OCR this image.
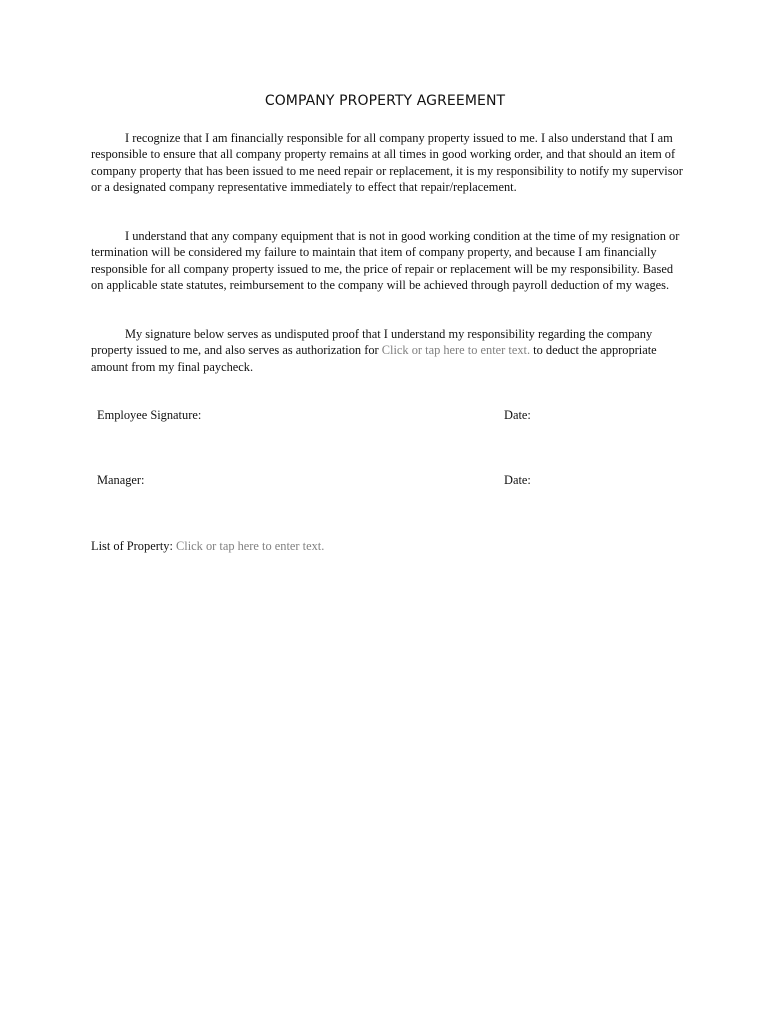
COMPANY PROPERTY AGREEMENT

I recognize that I am financially responsible for all company property issued to me. I also understand that I am responsible to ensure that all company property remains at all times in good working order, and that should an item of company property that has been issued to me need repair or replacement, it is my responsibility to notify my supervisor or a designated company representative immediately to effect that repair/replacement.

I understand that any company equipment that is not in good working condition at the time of my resignation or termination will be considered my failure to maintain that item of company property, and because I am financially responsible for all company property issued to me, the price of repair or replacement will be my responsibility. Based on applicable state statutes, reimbursement to the company will be achieved through payroll deduction of my wages.

My signature below serves as undisputed proof that I understand my responsibility regarding the company property issued to me, and also serves as authorization for Click or tap here to enter text. to deduct the appropriate amount from my final paycheck.

Employee Signature:	Date:
Manager:	Date:
List of Property: Click or tap here to enter text.
